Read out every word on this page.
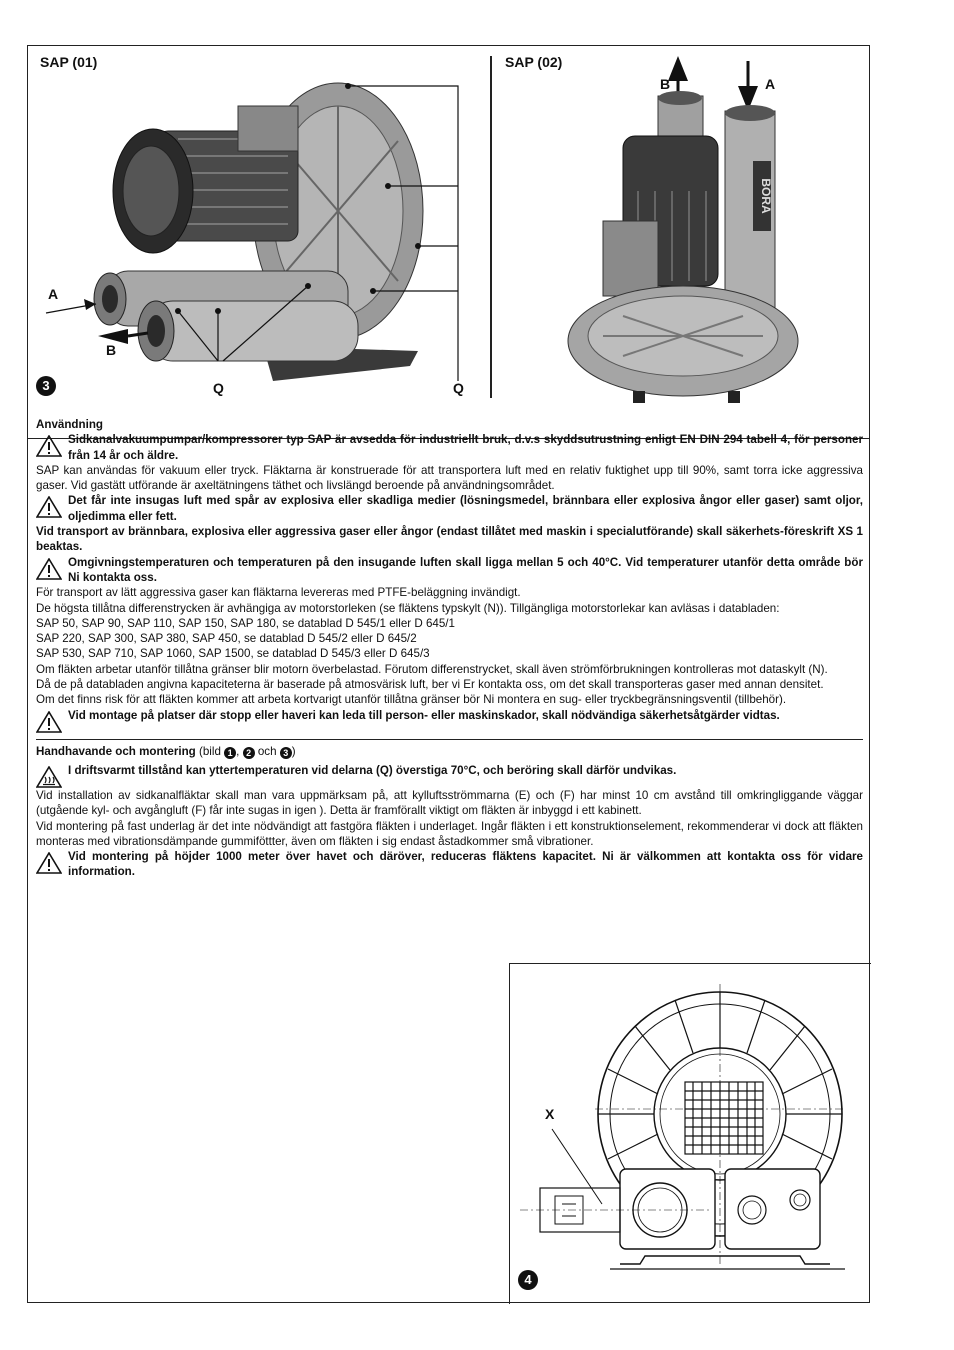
SAP (01)	SAP (02)
A
B
Q	Q
3
BORA
B	A

Användning

Sidkanalvakuumpumpar/kompressorer typ SAP är avsedda för industriellt bruk, d.v.s skyddsutrustning enligt EN DIN 294 tabell 4, för personer från 14 år och äldre.

SAP kan användas för vakuum eller tryck. Fläktarna är konstruerade för att transportera luft med en relativ fuktighet upp till 90%, samt torra icke aggressiva gaser. Vid gastätt utförande är axeltätningens täthet och livslängd beroende på användningsområdet.

Det får inte insugas luft med spår av explosiva eller skadliga medier (lösningsmedel, brännbara eller explosiva ångor eller gaser) samt oljor, oljedimma eller fett.

Vid transport av brännbara, explosiva eller aggressiva gaser eller ångor (endast tillåtet med maskin i specialutförande) skall säkerhets-föreskrift XS 1 beaktas.

Omgivningstemperaturen och temperaturen på den insugande luften skall ligga mellan 5 och 40°C. Vid temperaturer utanför detta område bör Ni kontakta oss.

För transport av lätt aggressiva gaser kan fläktarna levereras med PTFE-beläggning invändigt.

De högsta tillåtna differenstrycken är avhängiga av motorstorleken (se fläktens typskylt (N)). Tillgängliga motorstorlekar kan avläsas i databladen:

SAP 50, SAP 90, SAP 110, SAP 150, SAP 180, se datablad D 545/1 eller D 645/1

SAP 220, SAP 300, SAP 380, SAP 450, se datablad D 545/2 eller D 645/2

SAP 530, SAP 710, SAP 1060, SAP 1500, se datablad D 545/3 eller D 645/3

Om fläkten arbetar utanför tillåtna gränser blir motorn överbelastad. Förutom differenstrycket, skall även strömförbrukningen kontrolleras mot dataskylt (N).

Då de på databladen angivna kapaciteterna är baserade på atmosvärisk luft, ber vi Er kontakta oss, om det skall transporteras gaser med annan densitet.

Om det finns risk för att fläkten kommer att arbeta kortvarigt utanför tillåtna gränser bör Ni montera en sug- eller tryckbegränsningsventil (tillbehör).

Vid montage på platser där stopp eller haveri kan leda till person- eller maskinskador, skall nödvändiga säkerhetsåtgärder vidtas.

Handhavande och montering (bild 1 , 2 och 3 )

I driftsvarmt tillstånd kan yttertemperaturen vid delarna (Q) överstiga 70°C, och beröring skall därför undvikas.

Vid installation av sidkanalfläktar skall man vara uppmärksam på, att kylluftsströmmarna (E) och (F) har minst 10 cm avstånd till omkringliggande väggar (utgående kyl- och avgångluft (F) får inte sugas in igen ). Detta är framförallt viktigt om fläkten är inbyggd i ett kabinett.

Vid montering på fast underlag är det inte nödvändigt att fastgöra fläkten i underlaget. Ingår fläkten i ett konstruktionselement, rekommenderar vi dock att fläkten monteras med vibrationsdämpande gummiföttter, även om fläkten i sig endast åstadkommer små vibrationer.

Vid montering på höjder 1000 meter över havet och däröver, reduceras fläktens kapacitet. Ni är välkommen att kontakta oss för vidare information.
X
4
